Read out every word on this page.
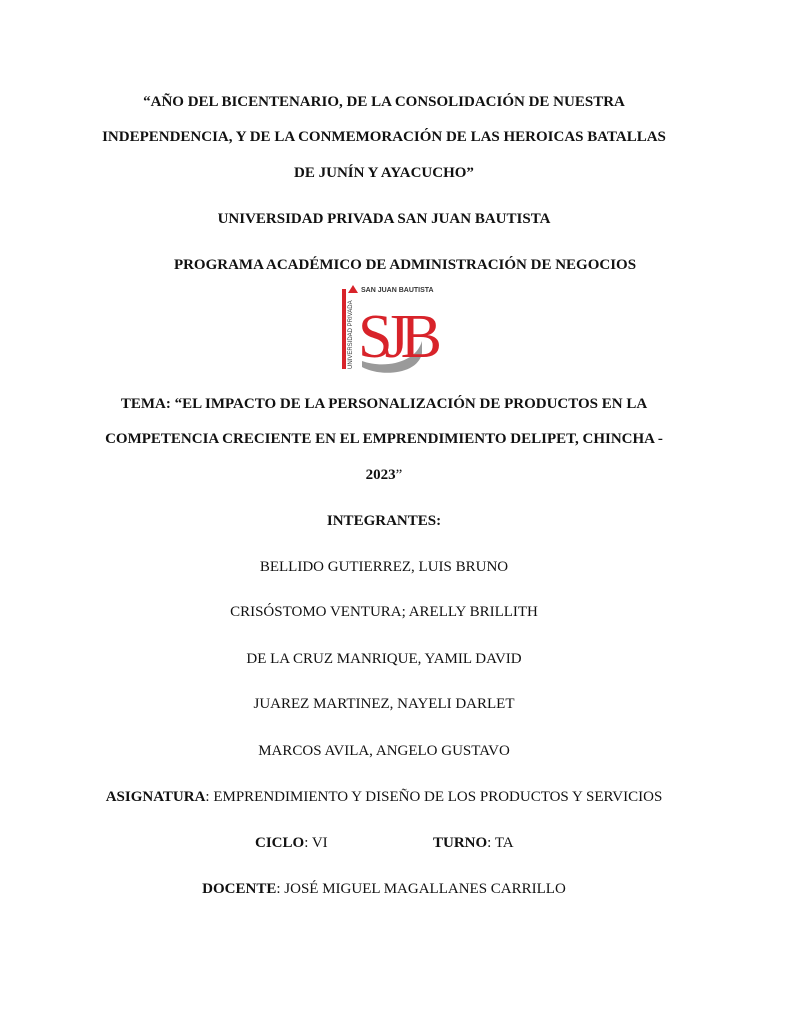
“AÑO DEL BICENTENARIO, DE LA CONSOLIDACIÓN DE NUESTRA
INDEPENDENCIA, Y DE LA CONMEMORACIÓN DE LAS HEROICAS BATALLAS
DE JUNÍN Y AYACUCHO”
UNIVERSIDAD PRIVADA SAN JUAN BAUTISTA
PROGRAMA ACADÉMICO DE ADMINISTRACIÓN DE NEGOCIOS
SAN JUAN BAUTISTA
UNIVERSIDAD PRIVADA SJB
TEMA: “EL IMPACTO DE LA PERSONALIZACIÓN DE PRODUCTOS EN LA
COMPETENCIA CRECIENTE EN EL EMPRENDIMIENTO DELIPET, CHINCHA -
2023”
INTEGRANTES:
BELLIDO GUTIERREZ, LUIS BRUNO
CRISÓSTOMO VENTURA; ARELLY BRILLITH
DE LA CRUZ MANRIQUE, YAMIL DAVID
JUAREZ MARTINEZ, NAYELI DARLET
MARCOS AVILA, ANGELO GUSTAVO
ASIGNATURA: EMPRENDIMIENTO Y DISEÑO DE LOS PRODUCTOS Y SERVICIOS
CICLO: VI	TURNO: TA
DOCENTE: JOSÉ MIGUEL MAGALLANES CARRILLO
